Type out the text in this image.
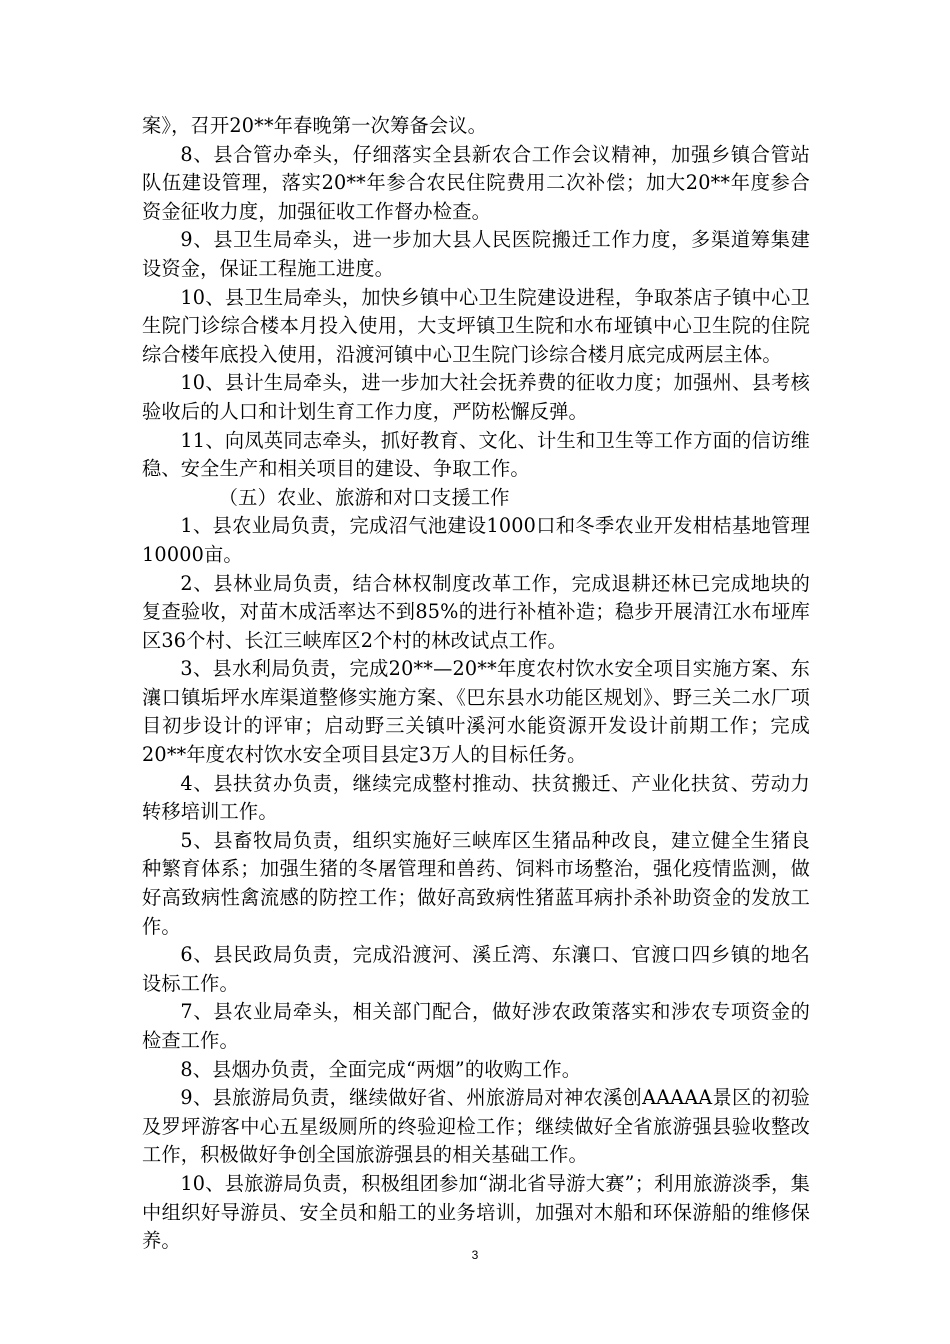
案》，召开20**年春晚第一次筹备会议。

8、县合管办牵头，仔细落实全县新农合工作会议精神，加强乡镇合管站队伍建设管理，落实20**年参合农民住院费用二次补偿；加大20**年度参合资金征收力度，加强征收工作督办检查。

9、县卫生局牵头，进一步加大县人民医院搬迁工作力度，多渠道筹集建设资金，保证工程施工进度。

10、县卫生局牵头，加快乡镇中心卫生院建设进程，争取茶店子镇中心卫生院门诊综合楼本月投入使用，大支坪镇卫生院和水布垭镇中心卫生院的住院综合楼年底投入使用，沿渡河镇中心卫生院门诊综合楼月底完成两层主体。

10、县计生局牵头，进一步加大社会抚养费的征收力度；加强州、县考核验收后的人口和计划生育工作力度，严防松懈反弹。

11、向凤英同志牵头，抓好教育、文化、计生和卫生等工作方面的信访维稳、安全生产和相关项目的建设、争取工作。

（五）农业、旅游和对口支援工作

1、县农业局负责，完成沼气池建设1000口和冬季农业开发柑桔基地管理10000亩。

2、县林业局负责，结合林权制度改革工作，完成退耕还林已完成地块的复查验收，对苗木成活率达不到85%的进行补植补造；稳步开展清江水布垭库区36个村、长江三峡库区2个村的林改试点工作。

3、县水利局负责，完成20**—20**年度农村饮水安全项目实施方案、东瀼口镇垢坪水库渠道整修实施方案、《巴东县水功能区规划》、野三关二水厂项目初步设计的评审；启动野三关镇叶溪河水能资源开发设计前期工作；完成20**年度农村饮水安全项目县定3万人的目标任务。

4、县扶贫办负责，继续完成整村推动、扶贫搬迁、产业化扶贫、劳动力转移培训工作。

5、县畜牧局负责，组织实施好三峡库区生猪品种改良，建立健全生猪良种繁育体系；加强生猪的冬屠管理和兽药、饲料市场整治，强化疫情监测，做好高致病性禽流感的防控工作；做好高致病性猪蓝耳病扑杀补助资金的发放工作。

6、县民政局负责，完成沿渡河、溪丘湾、东瀼口、官渡口四乡镇的地名设标工作。

7、县农业局牵头，相关部门配合，做好涉农政策落实和涉农专项资金的检查工作。

8、县烟办负责，全面完成“两烟”的收购工作。

9、县旅游局负责，继续做好省、州旅游局对神农溪创AAAAA景区的初验及罗坪游客中心五星级厕所的终验迎检工作；继续做好全省旅游强县验收整改工作，积极做好争创全国旅游强县的相关基础工作。

10、县旅游局负责，积极组团参加“湖北省导游大赛”；利用旅游淡季，集中组织好导游员、安全员和船工的业务培训，加强对木船和环保游船的维修保养。

3
